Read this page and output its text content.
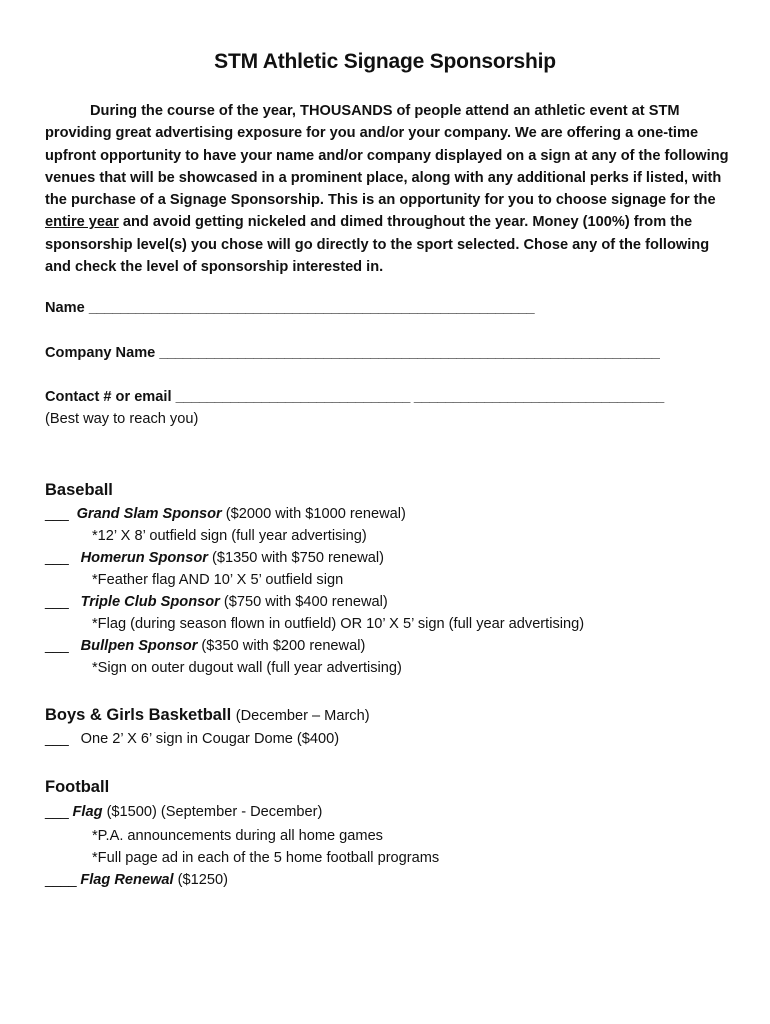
STM Athletic Signage Sponsorship

During the course of the year, THOUSANDS of people attend an athletic event at STM providing great advertising exposure for you and/or your company. We are offering a one-time upfront opportunity to have your name and/or company displayed on a sign at any of the following venues that will be showcased in a prominent place, along with any additional perks if listed, with the purchase of a Signage Sponsorship. This is an opportunity for you to choose signage for the entire year and avoid getting nickeled and dimed throughout the year. Money (100%) from the sponsorship level(s) you chose will go directly to the sport selected. Chose any of the following and check the level of sponsorship interested in.

Name _________________________________________________________
Company Name ________________________________________________________________
Contact # or email ______________________________ ________________________________
(Best way to reach you)
Baseball
___ Grand Slam Sponsor ($2000 with $1000 renewal)
*12’ X 8’ outfield sign (full year advertising)
___ Homerun Sponsor ($1350 with $750 renewal)
*Feather flag AND 10’ X 5’ outfield sign
___ Triple Club Sponsor ($750 with $400 renewal)
*Flag (during season flown in outfield) OR 10’ X 5’ sign (full year advertising)
___ Bullpen Sponsor ($350 with $200 renewal)
*Sign on outer dugout wall (full year advertising)
Boys & Girls Basketball (December – March)
___ One 2’ X 6’ sign in Cougar Dome ($400)
Football
___ Flag ($1500) (September - December)
*P.A. announcements during all home games
*Full page ad in each of the 5 home football programs
____ Flag Renewal ($1250)
